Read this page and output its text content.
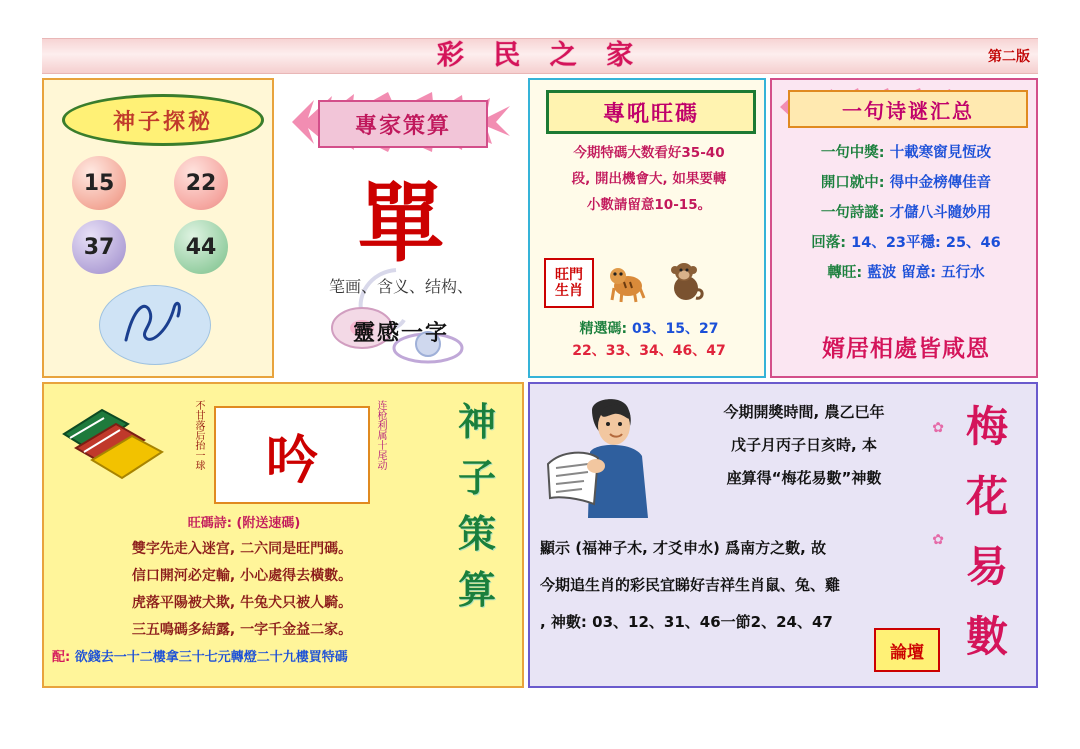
彩 民 之 家	第二版
神子探秘
15	22
37	44
專家策算
單
笔画、含义、结构、
靈感一字
專吼旺碼
今期特碼大数看好35-40
段, 開出機會大, 如果要轉
小數請留意10-15。
旺門
生肖
精選碼: 03、15、27
22、33、34、46、47
一句诗谜汇总
一句中獎: 十載寒窗見恆改
開口就中: 得中金榜傳佳音
一句詩謎: 才儲八斗隨妙用
回落: 14、23平穩: 25、46
轉旺: 藍波 留意: 五行水
婿居相處皆咸恩
不甘落后抬一球 吟	连枪利属十尾动	神
子
策
算
旺碼詩: (附送速碼)
雙字先走入迷宫, 二六同是旺門碼。
信口開河必定輸, 小心處得去橫數。
虎落平陽被犬欺, 牛兔犬只被人騎。
三五鳴碼多結露, 一字千金益二家。
配: 欲錢去一十二樓拿三十七元轉燈二十九樓買特碼
今期開獎時間, 農乙巳年
戊子月丙子日亥時, 本
座算得“梅花易數”神數
顯示 (福神子木, 才爻申水) 爲南方之數, 故
今期追生肖的彩民宜睇好吉祥生肖鼠、兔、雞
, 神數: 03、12、31、46一節2、24、47
✿
✿
梅
花
易
數
論壇
